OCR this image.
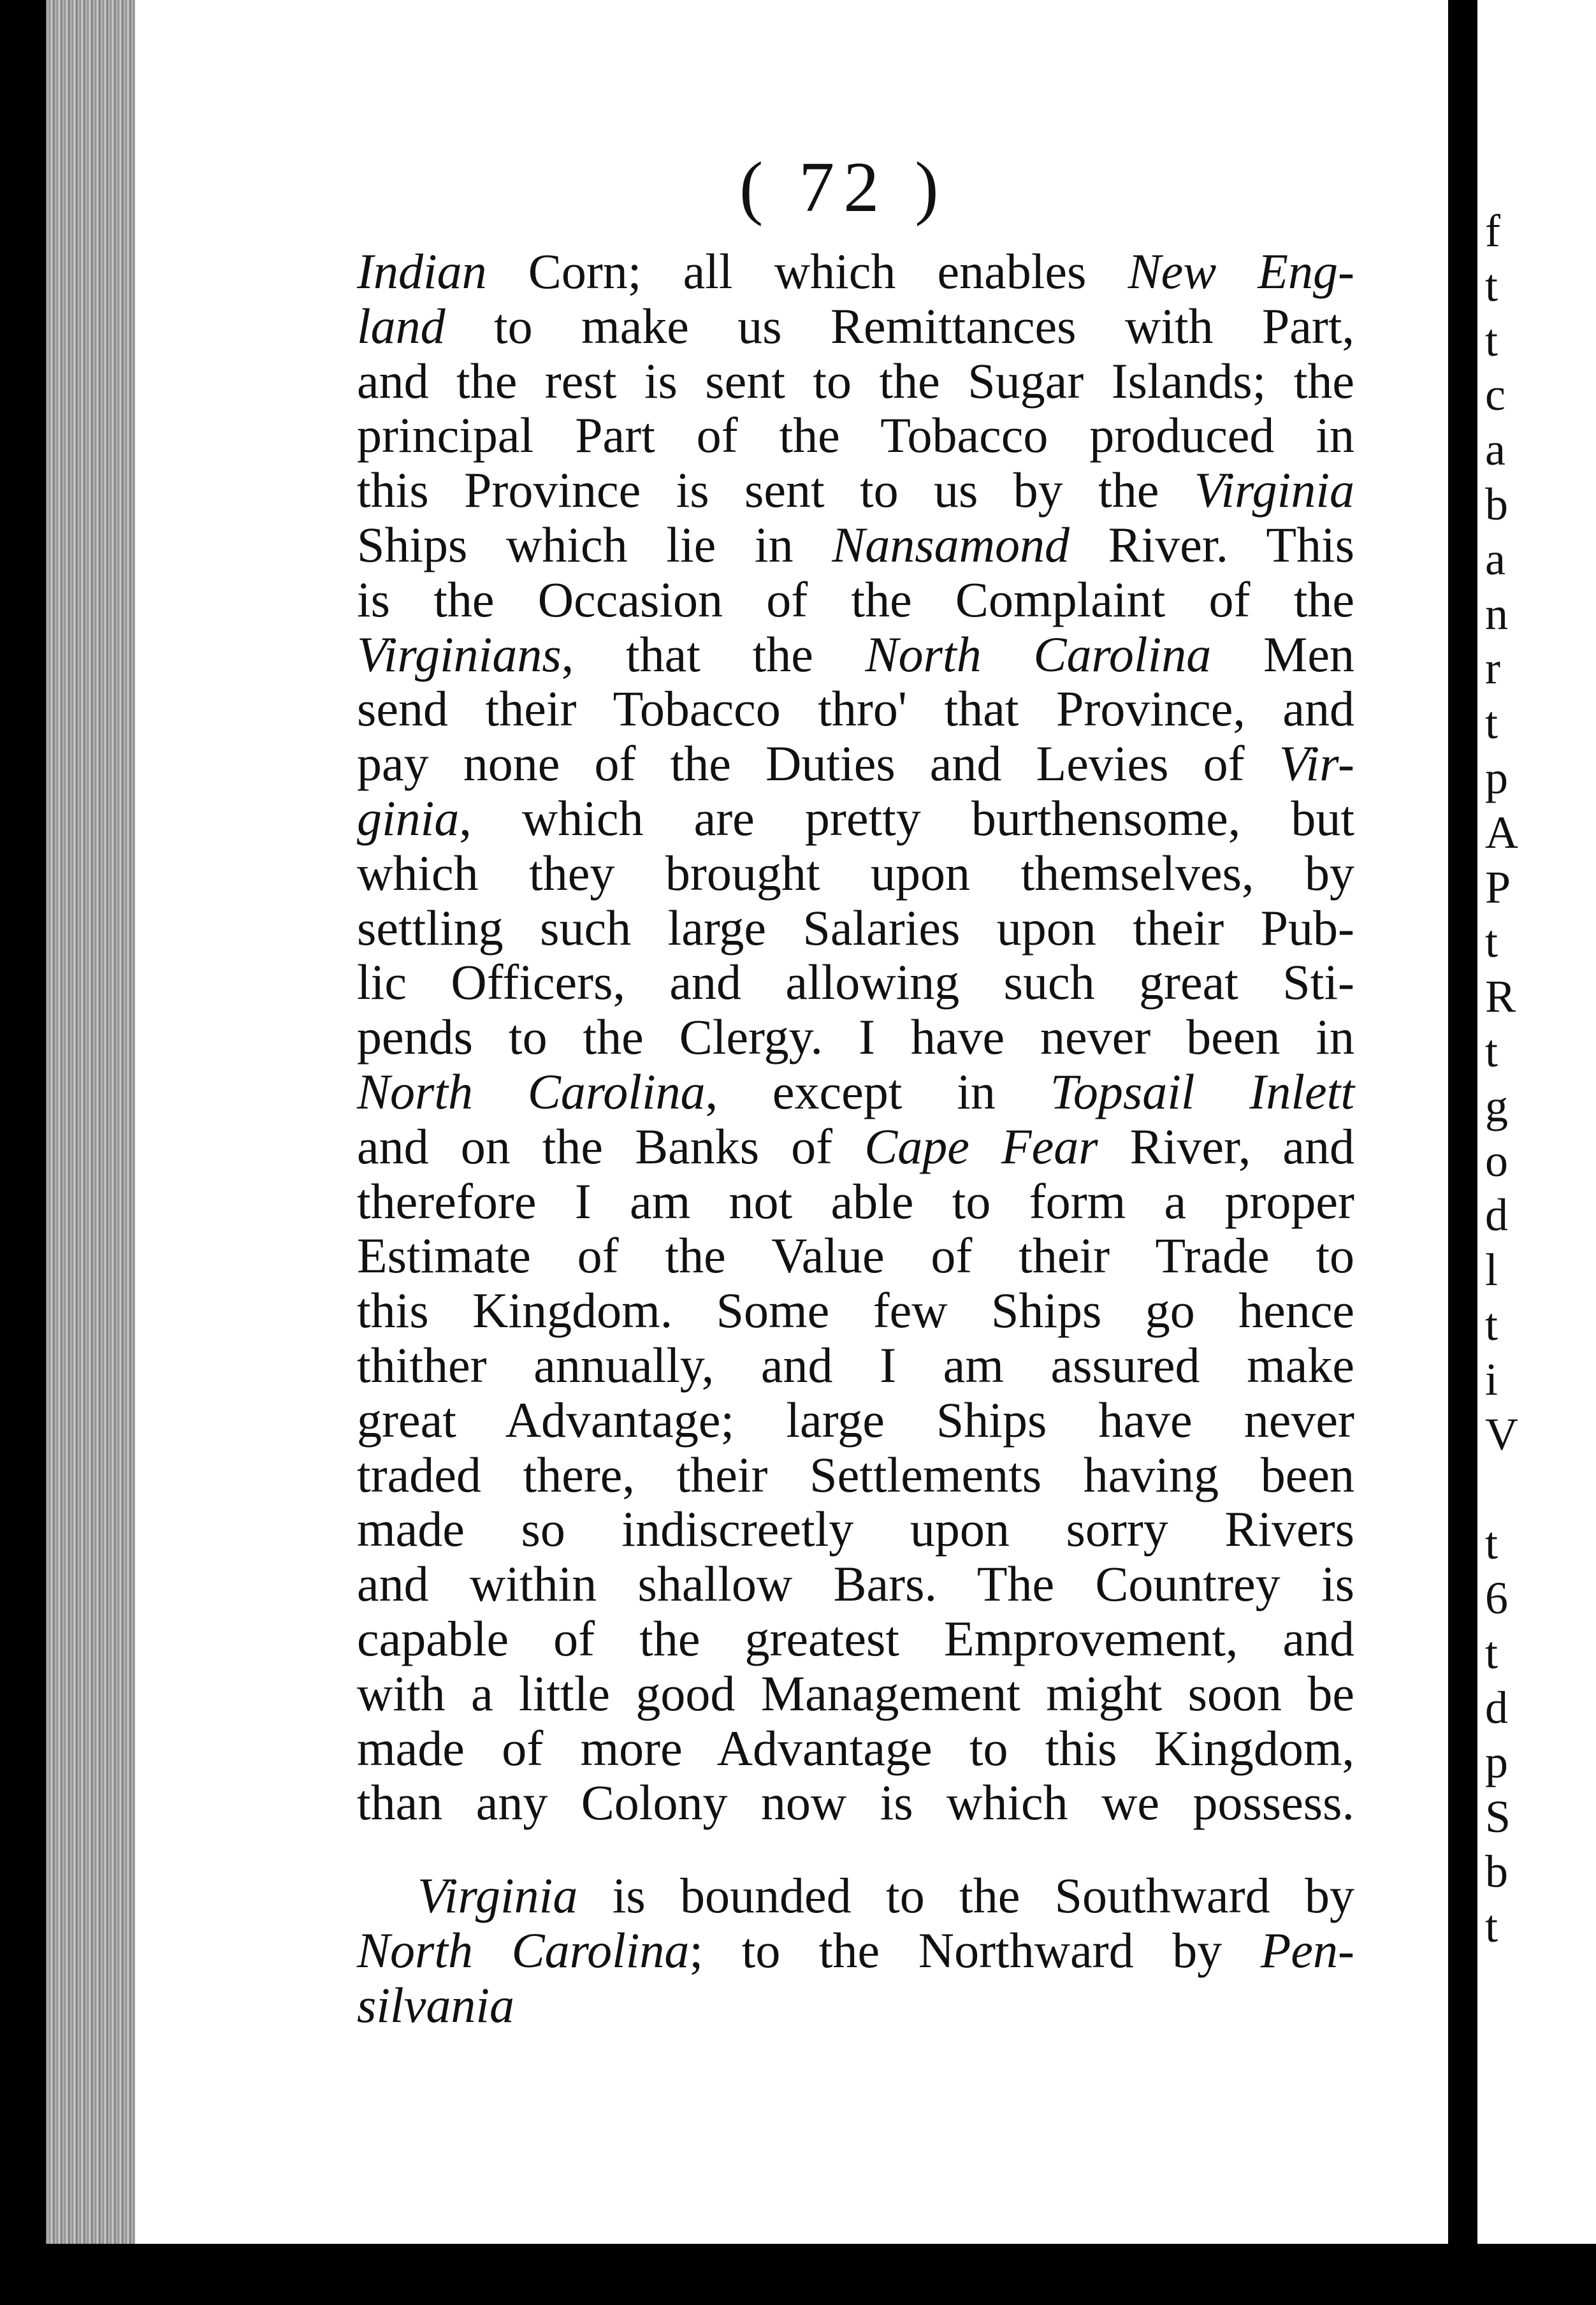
f
t
t
c
a
b
a
n
r
t
p
A
P
t
R
t
g
o
d
l
t
i
V
t
6
t
d
p
S
b
t
( 72 )
Indian Corn; all which enables New Eng-
land to make us Remittances with Part,
and the rest is sent to the Sugar Islands; the
principal Part of the Tobacco produced in
this Province is sent to us by the Virginia
Ships which lie in Nansamond River. This
is the Occasion of the Complaint of the
Virginians, that the North Carolina Men
send their Tobacco thro' that Province, and
pay none of the Duties and Levies of Vir-
ginia, which are pretty burthensome, but
which they brought upon themselves, by
settling such large Salaries upon their Pub-
lic Officers, and allowing such great Sti-
pends to the Clergy. I have never been in
North Carolina, except in Topsail Inlett
and on the Banks of Cape Fear River, and
therefore I am not able to form a proper
Estimate of the Value of their Trade to
this Kingdom. Some few Ships go hence
thither annually, and I am assured make
great Advantage; large Ships have never
traded there, their Settlements having been
made so indiscreetly upon sorry Rivers
and within shallow Bars. The Countrey is
capable of the greatest Emprovement, and
with a little good Management might soon be
made of more Advantage to this Kingdom,
than any Colony now is which we possess.
Virginia is bounded to the Southward by
North Carolina; to the Northward by Pen-
silvania
